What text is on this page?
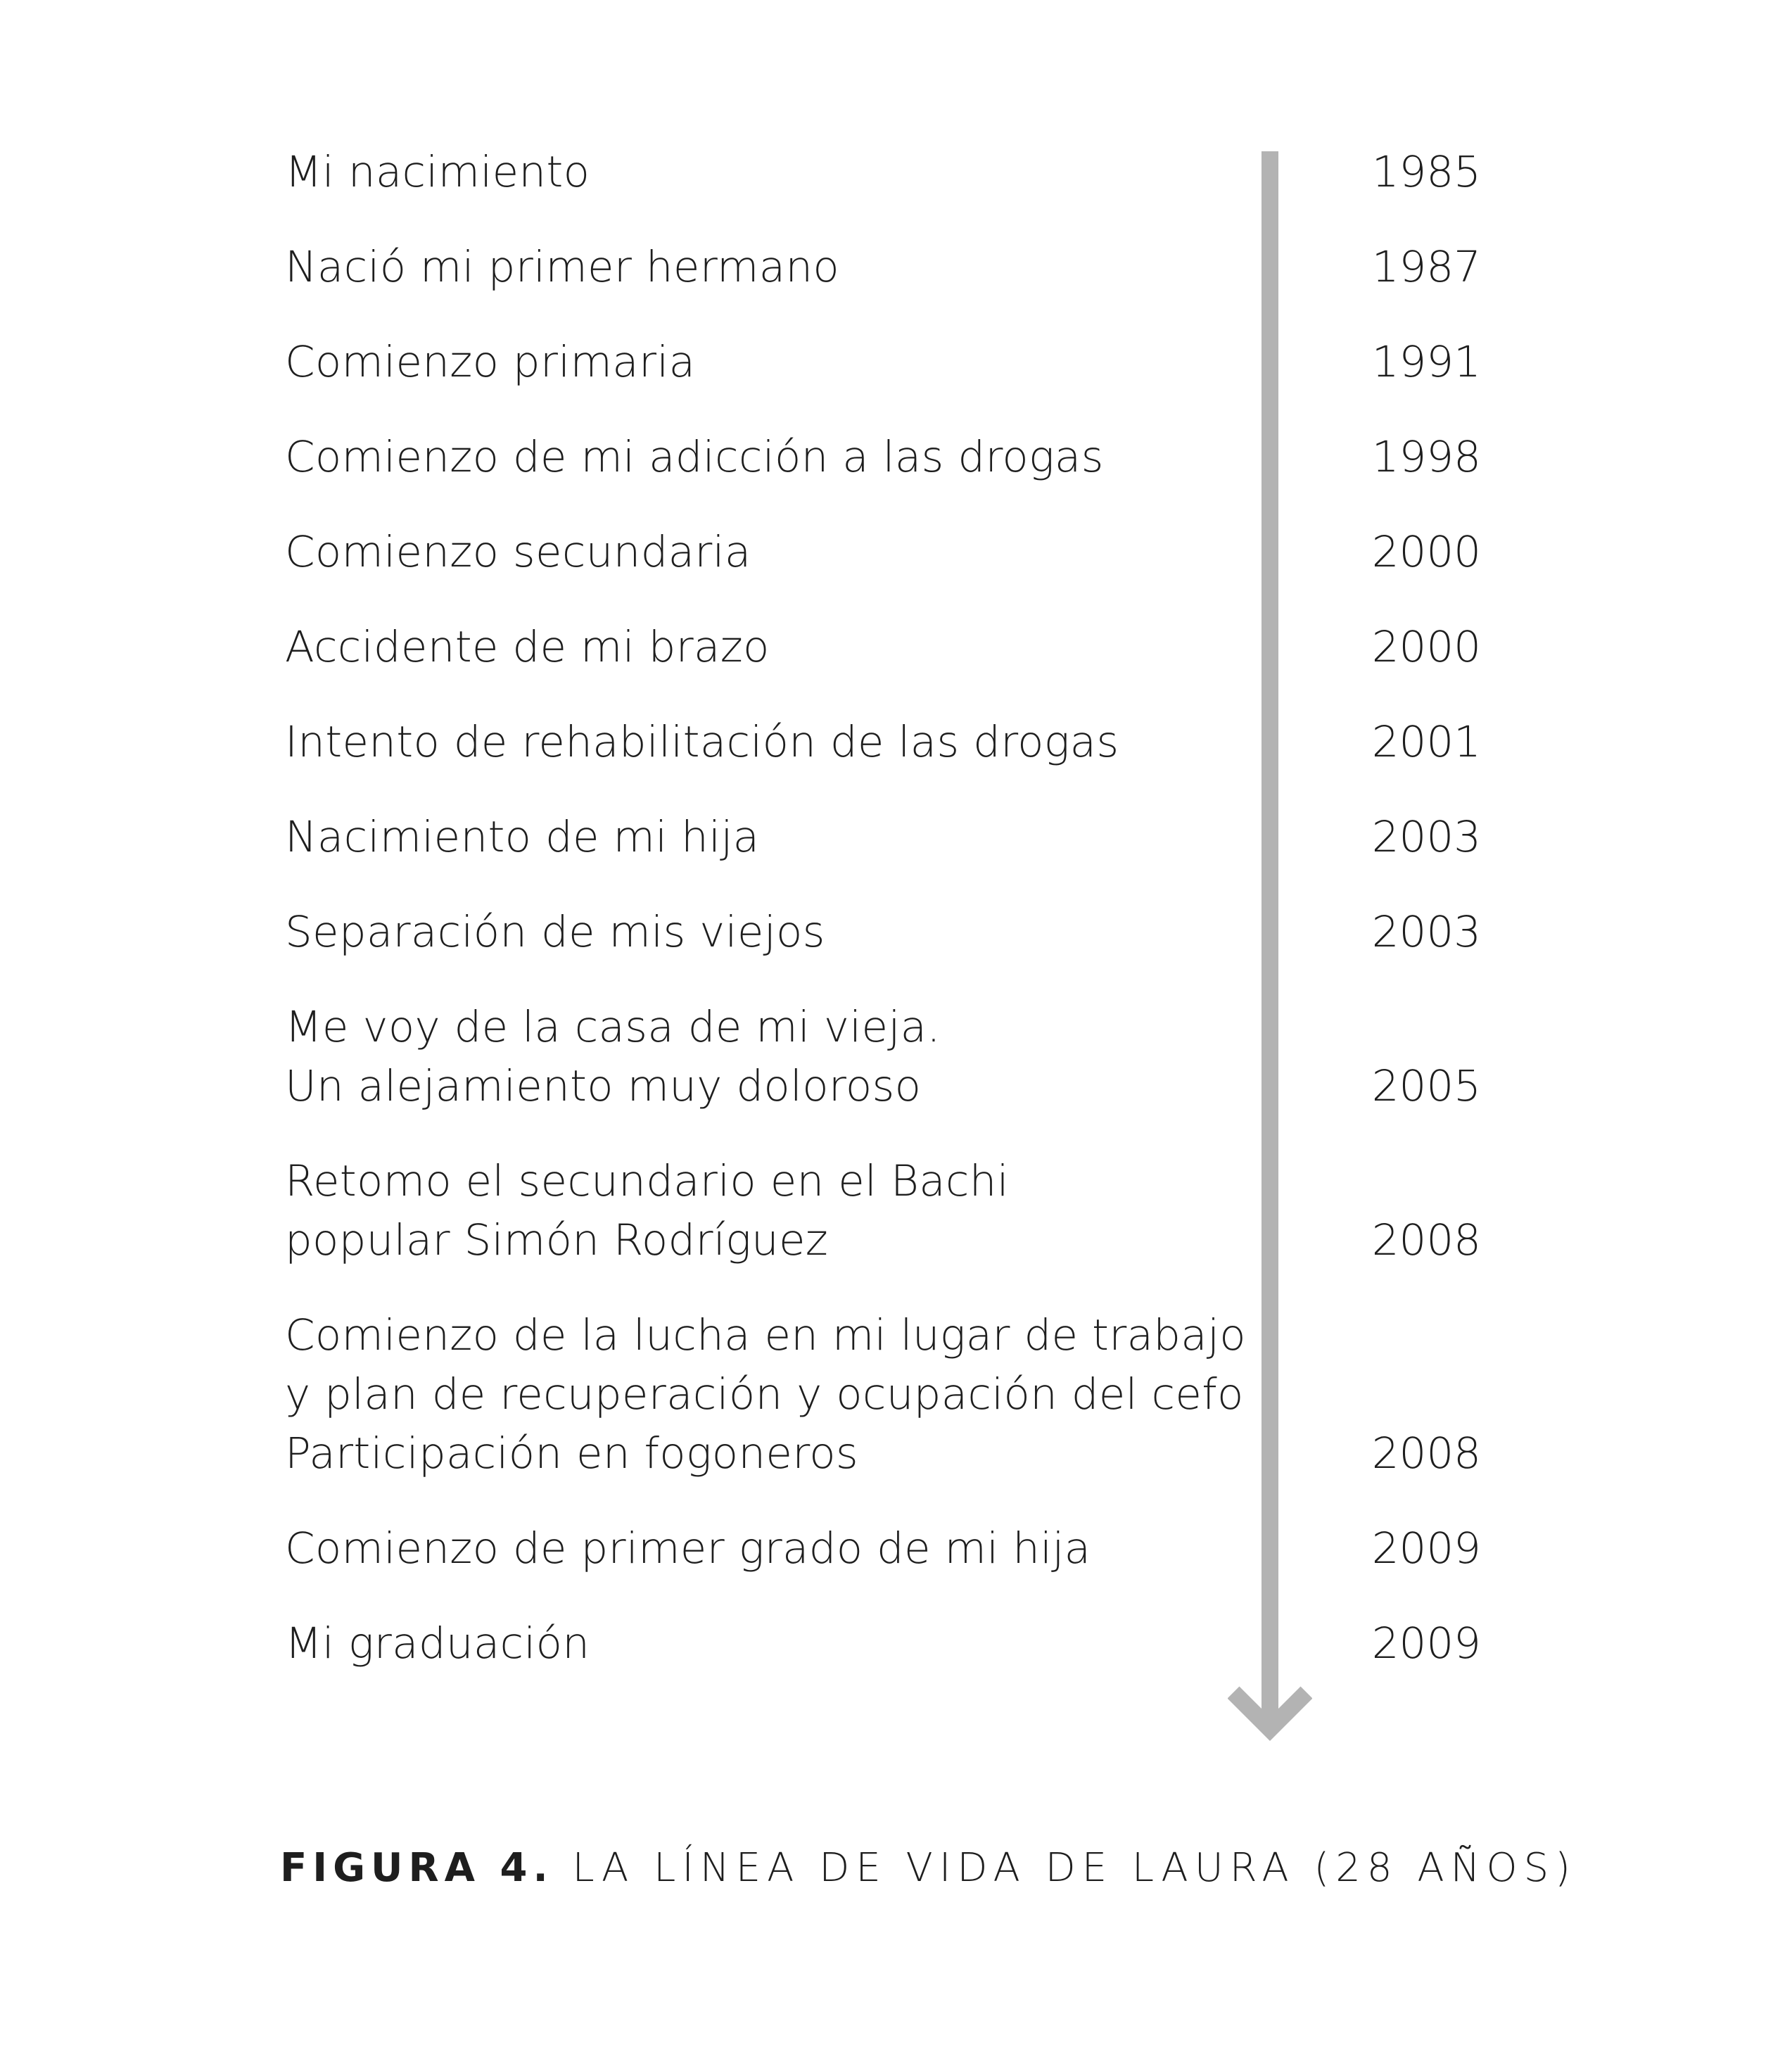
Mi nacimiento	1985
Nació mi primer hermano	1987
Comienzo primaria	1991
Comienzo de mi adicción a las drogas	1998
Comienzo secundaria	2000
Accidente de mi brazo	2000
Intento de rehabilitación de las drogas	2001
Nacimiento de mi hija	2003
Separación de mis viejos	2003
Me voy de la casa de mi vieja.
Un alejamiento muy doloroso	2005
Retomo el secundario en el Bachi
popular Simón Rodríguez	2008
Comienzo de la lucha en mi lugar de trabajo
y plan de recuperación y ocupación del cefo
Participación en fogoneros	2008
Comienzo de primer grado de mi hija	2009
Mi graduación	2009
FIGURA 4. LA LÍNEA DE VIDA DE LAURA (28 AÑOS)
